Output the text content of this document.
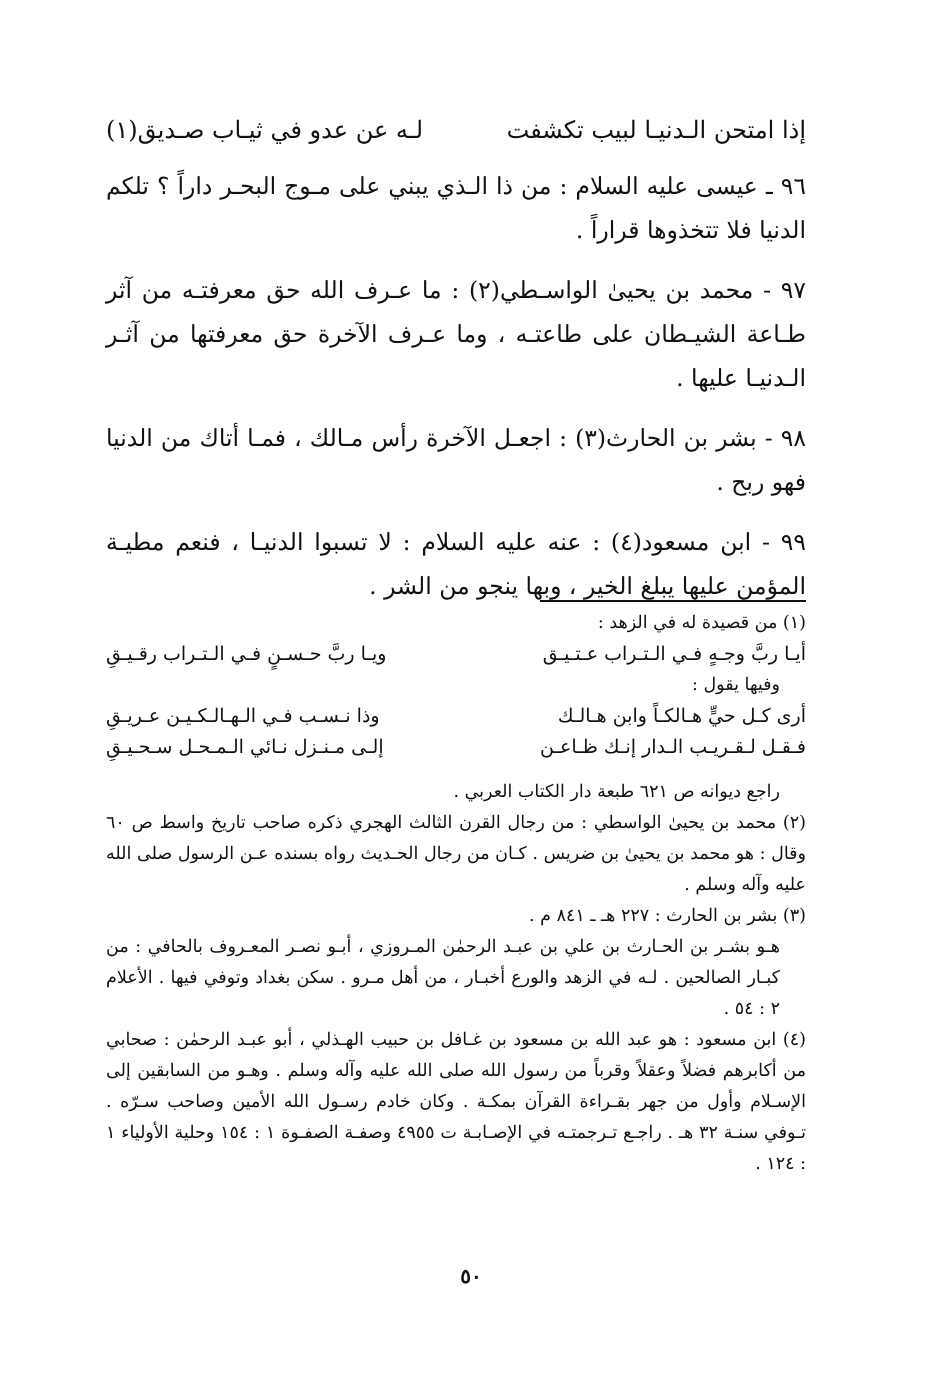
إذا امتحن الـدنيـا لبيب تكشفت
لـه عن عدو في ثيـاب صـديق(١)

٩٦ ـ عيسى عليه السلام : من ذا الـذي يبني على مـوج البحـر داراً ؟ تلكم الدنيا فلا تتخذوها قراراً .

٩٧ - محمد بن يحيىٰ الواسـطي(٢) : ما عـرف الله حق معرفتـه من آثر طـاعة الشيـطان على طاعتـه ، وما عـرف الآخرة حق معرفتها من آثـر الـدنيـا عليها .

٩٨ - بشر بن الحارث(٣) : اجعـل الآخرة رأس مـالك ، فمـا أتاك من الدنيا فهو ربح .

٩٩ - ابن مسعود(٤) : عنه عليه السلام : لا تسبوا الدنيـا ، فنعم مطيـة المؤمن عليها يبلغ الخير ، وبها ينجو من الشر .

(١) من قصيدة له في الزهد :

أيـا ربَّ وجـهٍ فـي الـتـراب عـتـيـق
ويـا ربَّ حـسـنٍ فـي الـتـراب رقـيـقِ

وفيها يقول :

أرى كـل حيٍّ هـالكـاً وابن هـالـك
وذا نـسـب فـي الـهـالـكـيـن عـريـقِ
فـقـل لـقـريـب الـدار إنـك ظـاعـن
إلـى مـنـزل نـائي الـمـحـل سـحـيـقِ

راجع ديوانه ص ٦٢١ طبعة دار الكتاب العربي .

(٢) محمد بن يحيىٰ الواسطي : من رجال القرن الثالث الهجري ذكره صاحب تاريخ واسط ص ٦٠ وقال : هو محمد بن يحيىٰ بن ضريس . كـان من رجال الحـديث رواه بسنده عـن الرسول صلى الله عليه وآله وسلم .

(٣) بشر بن الحارث : ٢٢٧ هـ ـ ٨٤١ م .

هـو بشـر بن الحـارث بن علي بن عبـد الرحمٰن المـروزي ، أبـو نصـر المعـروف بالحافي : من كبـار الصالحين . لـه في الزهد والورع أخبـار ، من أهل مـرو . سكن بغداد وتوفي فيها . الأعلام ٢ : ٥٤ .

(٤) ابن مسعود : هو عبد الله بن مسعود بن غـافل بن حبيب الهـذلي ، أبو عبـد الرحمٰن : صحابي من أكابرهم فضلاً وعقلاً وقرباً من رسول الله صلى الله عليه وآله وسلم . وهـو من السابقين إلى الإسـلام وأول من جهر بقـراءة القرآن بمكـة . وكان خادم رسـول الله الأمين وصاحب سـرّه . تـوفي سنـة ٣٢ هـ . راجـع تـرجمتـه في الإصـابـة ت ٤٩٥٥ وصفـة الصفـوة ١ : ١٥٤ وحلية الأولياء ١ : ١٢٤ .

٥٠
